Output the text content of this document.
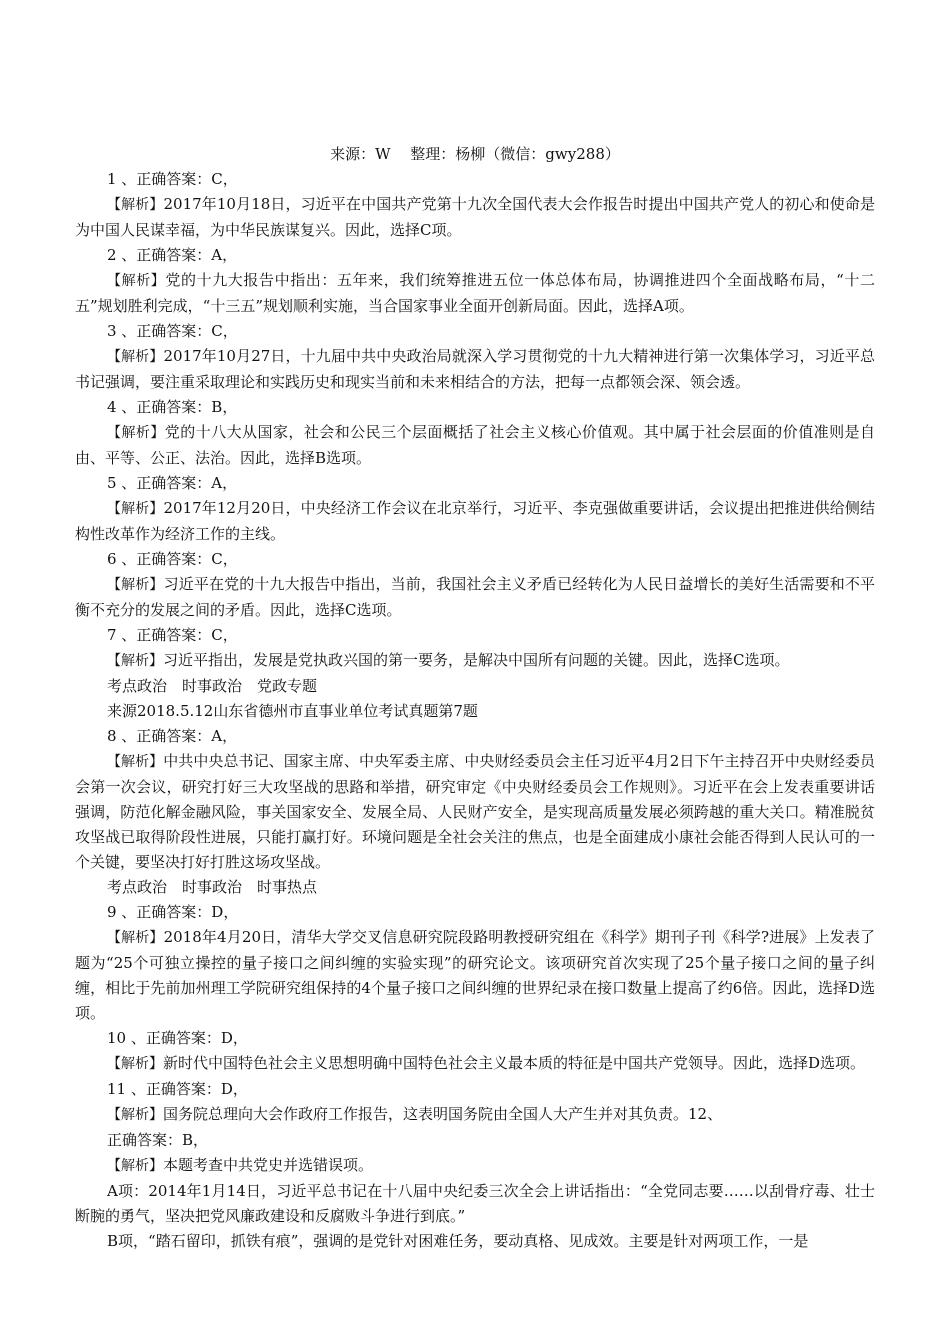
来源：W　 整理：杨柳（微信：gwy288）

1 、正确答案：C，

【解析】2017年10月18日，习近平在中国共产党第十九次全国代表大会作报告时提出中国共产党人的初心和使命是为中国人民谋幸福，为中华民族谋复兴。因此，选择C项。

2 、正确答案：A，

【解析】党的十九大报告中指出：五年来，我们统筹推进五位一体总体布局，协调推进四个全面战略布局，“十二五”规划胜利完成，“十三五”规划顺利实施，当合国家事业全面开创新局面。因此，选择A项。

3 、正确答案：C，

【解析】2017年10月27日，十九届中共中央政治局就深入学习贯彻党的十九大精神进行第一次集体学习，习近平总书记强调，要注重采取理论和实践历史和现实当前和未来相结合的方法，把每一点都领会深、领会透。

4 、正确答案：B，

【解析】党的十八大从国家，社会和公民三个层面概括了社会主义核心价值观。其中属于社会层面的价值准则是自由、平等、公正、法治。因此，选择B选项。

5 、正确答案：A，

【解析】2017年12月20日，中央经济工作会议在北京举行，习近平、李克强做重要讲话，会议提出把推进供给侧结构性改革作为经济工作的主线。

6 、正确答案：C，

【解析】习近平在党的十九大报告中指出，当前，我国社会主义矛盾已经转化为人民日益增长的美好生活需要和不平衡不充分的发展之间的矛盾。因此，选择C选项。

7 、正确答案：C，

【解析】习近平指出，发展是党执政兴国的第一要务，是解决中国所有问题的关键。因此，选择C选项。

考点政治　时事政治　党政专题

来源2018.5.12山东省德州市直事业单位考试真题第7题

8 、正确答案：A，

【解析】中共中央总书记、国家主席、中央军委主席、中央财经委员会主任习近平4月2日下午主持召开中央财经委员会第一次会议，研究打好三大攻坚战的思路和举措，研究审定《中央财经委员会工作规则》。习近平在会上发表重要讲话强调，防范化解金融风险，事关国家安全、发展全局、人民财产安全，是实现高质量发展必须跨越的重大关口。精准脱贫攻坚战已取得阶段性进展，只能打赢打好。环境问题是全社会关注的焦点，也是全面建成小康社会能否得到人民认可的一个关键，要坚决打好打胜这场攻坚战。

考点政治　时事政治　时事热点

9 、正确答案：D，

【解析】2018年4月20日，清华大学交叉信息研究院段路明教授研究组在《科学》期刊子刊《科学?进展》上发表了题为“25个可独立操控的量子接口之间纠缠的实验实现”的研究论文。该项研究首次实现了25个量子接口之间的量子纠缠，相比于先前加州理工学院研究组保持的4个量子接口之间纠缠的世界纪录在接口数量上提高了约6倍。因此，选择D选项。

10 、正确答案：D，

【解析】新时代中国特色社会主义思想明确中国特色社会主义最本质的特征是中国共产党领导。因此，选择D选项。

11 、正确答案：D，

【解析】国务院总理向大会作政府工作报告，这表明国务院由全国人大产生并对其负责。12、

正确答案：B，

【解析】本题考查中共党史并选错误项。

A项：2014年1月14日，习近平总书记在十八届中央纪委三次全会上讲话指出：“全党同志要……以刮骨疗毒、壮士断腕的勇气，坚决把党风廉政建设和反腐败斗争进行到底。”

B项，“踏石留印，抓铁有痕”，强调的是党针对困难任务，要动真格、见成效。主要是针对两项工作，一是
